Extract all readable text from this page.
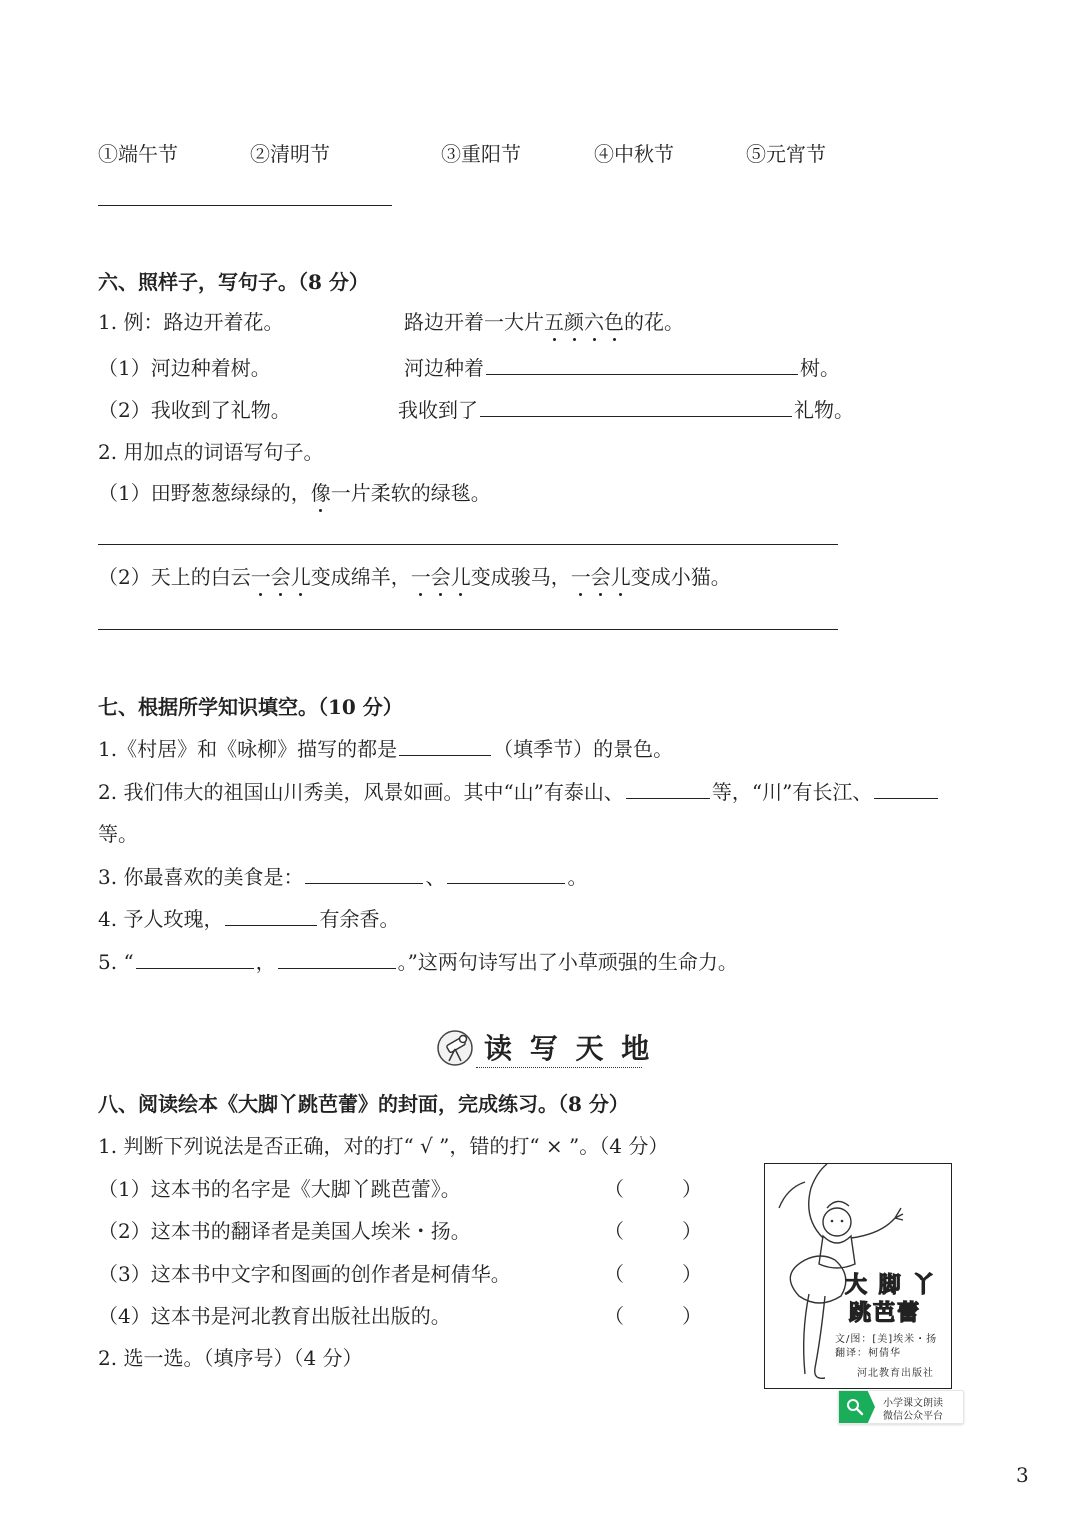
①端午节	②清明节	③重阳节	④中秋节	⑤元宵节
六、照样子，写句子。（8 分）
1. 例：路边开着花。	路边开着一大片五颜六色的花。
（1）河边种着树。	河边种着	树。
（2）我收到了礼物。	我收到了	礼物。
2. 用加点的词语写句子。
（1）田野葱葱绿绿的，像一片柔软的绿毯。
（2）天上的白云一会儿变成绵羊，一会儿变成骏马，一会儿变成小猫。
七、根据所学知识填空。（10 分）
1.《村居》和《咏柳》描写的都是	（填季节）的景色。
2. 我们伟大的祖国山川秀美，风景如画。其中“山”有泰山、	等，“川”有长江、
等。
3. 你最喜欢的美食是：	、	。
4. 予人玫瑰，	有余香。
5. “	，	。”这两句诗写出了小草顽强的生命力。
读 写 天 地
八、阅读绘本《大脚丫跳芭蕾》的封面，完成练习。（8 分）
1. 判断下列说法是否正确，对的打“ √ ”，错的打“ × ”。（4 分）
（1）这本书的名字是《大脚丫跳芭蕾》。	（	）
（2）这本书的翻译者是美国人埃米・扬。	（	）
（3）这本书中文字和图画的创作者是柯倩华。	（	）
（4）这本书是河北教育出版社出版的。	（	）
2. 选一选。（填序号）（4 分）
大 脚 丫
跳芭蕾
文/图：[美]埃米・扬
翻译：柯倩华
河北教育出版社
小学课文朗读
微信公众平台
3
